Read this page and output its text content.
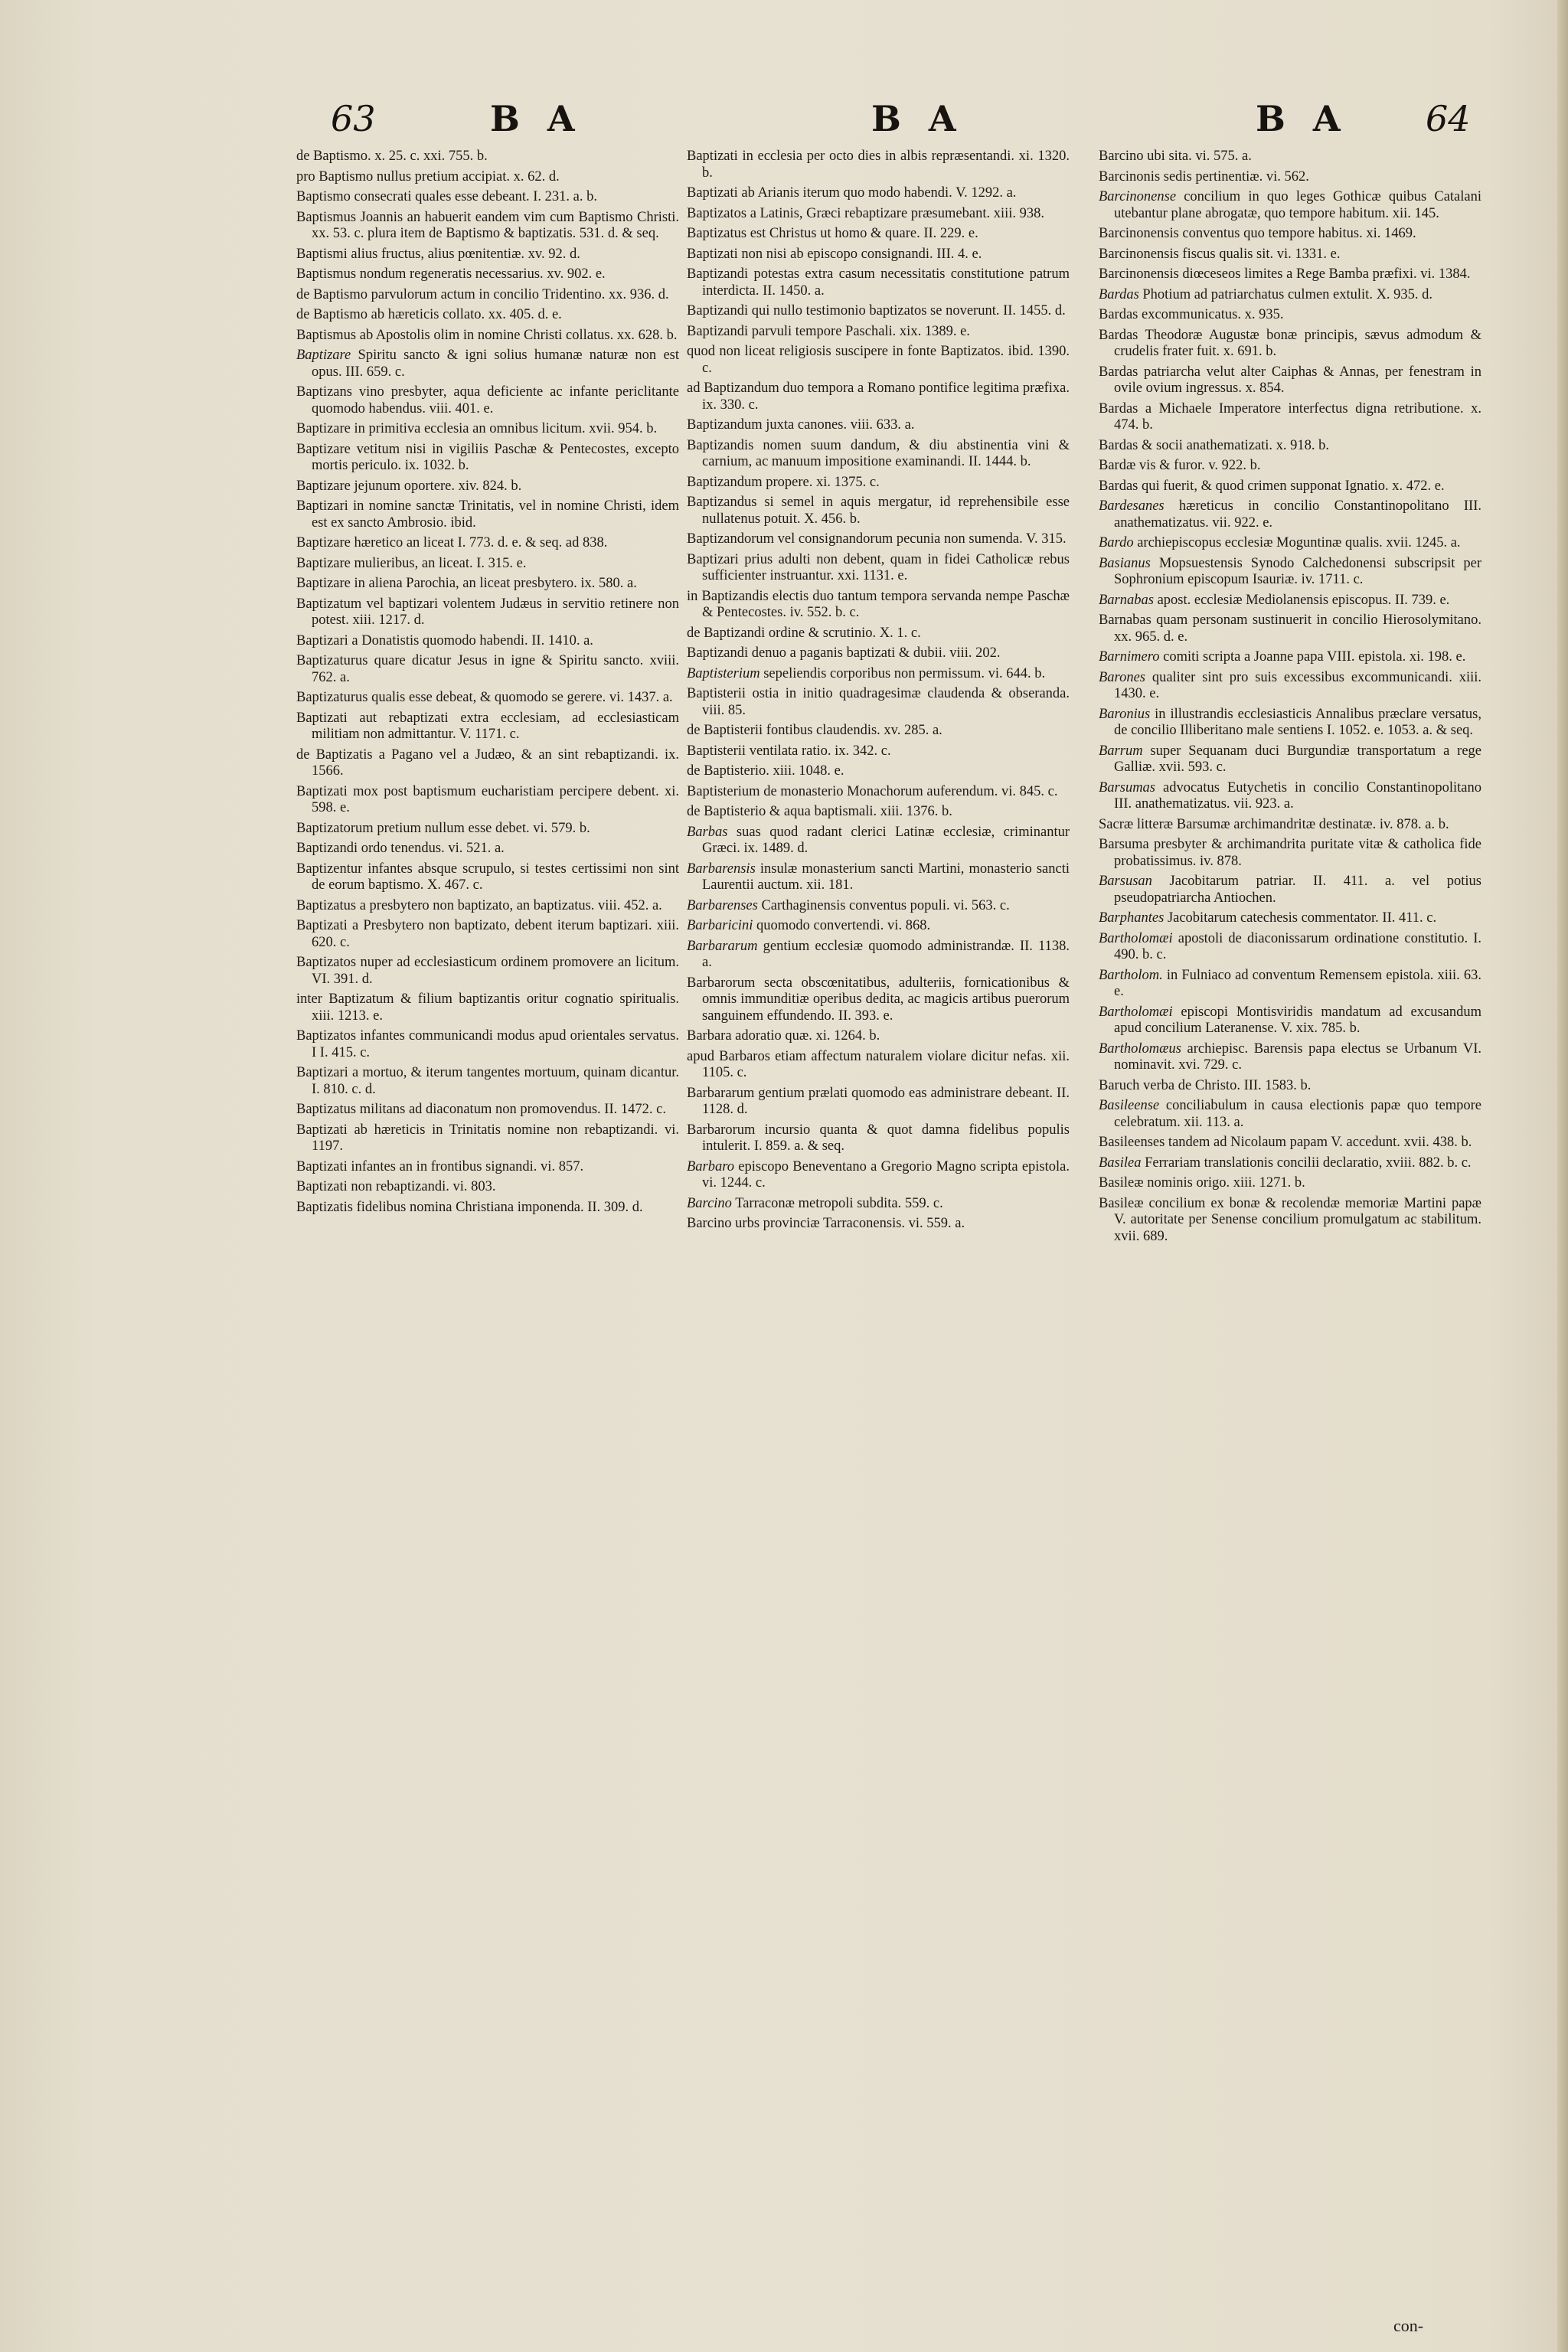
63	B A	B A	B A 64
de Baptismo. x. 25. c. xxi. 755. b.
pro Baptismo nullus pretium accipiat. x. 62. d.
Baptismo consecrati quales esse debeant. I. 231. a. b.
Baptismus Joannis an habuerit eandem vim cum Baptismo Christi. xx. 53. c. plura item de Baptismo & baptizatis. 531. d. & seq.
Baptismi alius fructus, alius pœnitentiæ. xv. 92. d.
Baptismus nondum regeneratis necessarius. xv. 902. e.
de Baptismo parvulorum actum in concilio Tridentino. xx. 936. d.
de Baptismo ab hæreticis collato. xx. 405. d. e.
Baptismus ab Apostolis olim in nomine Christi collatus. xx. 628. b.
Baptizare Spiritu sancto & igni solius humanæ naturæ non est opus. III. 659. c.
Baptizans vino presbyter, aqua deficiente ac infante periclitante quomodo habendus. viii. 401. e.
Baptizare in primitiva ecclesia an omnibus licitum. xvii. 954. b.
Baptizare vetitum nisi in vigiliis Paschæ & Pentecostes, excepto mortis periculo. ix. 1032. b.
Baptizare jejunum oportere. xiv. 824. b.
Baptizari in nomine sanctæ Trinitatis, vel in nomine Christi, idem est ex sancto Ambrosio. ibid.
Baptizare hæretico an liceat I. 773. d. e. & seq. ad 838.
Baptizare mulieribus, an liceat. I. 315. e.
Baptizare in aliena Parochia, an liceat presbytero. ix. 580. a.
Baptizatum vel baptizari volentem Judæus in servitio retinere non potest. xiii. 1217. d.
Baptizari a Donatistis quomodo habendi. II. 1410. a.
Baptizaturus quare dicatur Jesus in igne & Spiritu sancto. xviii. 762. a.
Baptizaturus qualis esse debeat, & quomodo se gerere. vi. 1437. a.
Baptizati aut rebaptizati extra ecclesiam, ad ecclesiasticam militiam non admittantur. V. 1171. c.
de Baptizatis a Pagano vel a Judæo, & an sint rebaptizandi. ix. 1566.
Baptizati mox post baptismum eucharistiam percipere debent. xi. 598. e.
Baptizatorum pretium nullum esse debet. vi. 579. b.
Baptizandi ordo tenendus. vi. 521. a.
Baptizentur infantes absque scrupulo, si testes certissimi non sint de eorum baptismo. X. 467. c.
Baptizatus a presbytero non baptizato, an baptizatus. viii. 452. a.
Baptizati a Presbytero non baptizato, debent iterum baptizari. xiii. 620. c.
Baptizatos nuper ad ecclesiasticum ordinem promovere an licitum. VI. 391. d.
inter Baptizatum & filium baptizantis oritur cognatio spiritualis. xiii. 1213. e.
Baptizatos infantes communicandi modus apud orientales servatus. I I. 415. c.
Baptizari a mortuo, & iterum tangentes mortuum, quinam dicantur. I. 810. c. d.
Baptizatus militans ad diaconatum non promovendus. II. 1472. c.
Baptizati ab hæreticis in Trinitatis nomine non rebaptizandi. vi. 1197.
Baptizati infantes an in frontibus signandi. vi. 857.
Baptizati non rebaptizandi. vi. 803.
Baptizatis fidelibus nomina Christiana imponenda. II. 309. d.
Baptizati in ecclesia per octo dies in albis repræsentandi. xi. 1320. b.
Baptizati ab Arianis iterum quo modo habendi. V. 1292. a.
Baptizatos a Latinis, Græci rebaptizare præsumebant. xiii. 938.
Baptizatus est Christus ut homo & quare. II. 229. e.
Baptizati non nisi ab episcopo consignandi. III. 4. e.
Baptizandi potestas extra casum necessitatis constitutione patrum interdicta. II. 1450. a.
Baptizandi qui nullo testimonio baptizatos se noverunt. II. 1455. d.
Baptizandi parvuli tempore Paschali. xix. 1389. e.
quod non liceat religiosis suscipere in fonte Baptizatos. ibid. 1390. c.
ad Baptizandum duo tempora a Romano pontifice legitima præfixa. ix. 330. c.
Baptizandum juxta canones. viii. 633. a.
Baptizandis nomen suum dandum, & diu abstinentia vini & carnium, ac manuum impositione examinandi. II. 1444. b.
Baptizandum propere. xi. 1375. c.
Baptizandus si semel in aquis mergatur, id reprehensibile esse nullatenus potuit. X. 456. b.
Baptizandorum vel consignandorum pecunia non sumenda. V. 315.
Baptizari prius adulti non debent, quam in fidei Catholicæ rebus sufficienter instruantur. xxi. 1131. e.
in Baptizandis electis duo tantum tempora servanda nempe Paschæ & Pentecostes. iv. 552. b. c.
de Baptizandi ordine & scrutinio. X. 1. c.
Baptizandi denuo a paganis baptizati & dubii. viii. 202.
Baptisterium sepeliendis corporibus non permissum. vi. 644. b.
Baptisterii ostia in initio quadragesimæ claudenda & obseranda. viii. 85.
de Baptisterii fontibus claudendis. xv. 285. a.
Baptisterii ventilata ratio. ix. 342. c.
de Baptisterio. xiii. 1048. e.
Baptisterium de monasterio Monachorum auferendum. vi. 845. c.
de Baptisterio & aqua baptismali. xiii. 1376. b.
Barbas suas quod radant clerici Latinæ ecclesiæ, criminantur Græci. ix. 1489. d.
Barbarensis insulæ monasterium sancti Martini, monasterio sancti Laurentii auctum. xii. 181.
Barbarenses Carthaginensis conventus populi. vi. 563. c.
Barbaricini quomodo convertendi. vi. 868.
Barbararum gentium ecclesiæ quomodo administrandæ. II. 1138. a.
Barbarorum secta obscœnitatibus, adulteriis, fornicationibus & omnis immunditiæ operibus dedita, ac magicis artibus puerorum sanguinem effundendo. II. 393. e.
Barbara adoratio quæ. xi. 1264. b.
apud Barbaros etiam affectum naturalem violare dicitur nefas. xii. 1105. c.
Barbararum gentium prælati quomodo eas administrare debeant. II. 1128. d.
Barbarorum incursio quanta & quot damna fidelibus populis intulerit. I. 859. a. & seq.
Barbaro episcopo Beneventano a Gregorio Magno scripta epistola. vi. 1244. c.
Barcino Tarraconæ metropoli subdita. 559. c.
Barcino urbs provinciæ Tarraconensis. vi. 559. a.
Barcino ubi sita. vi. 575. a.
Barcinonis sedis pertinentiæ. vi. 562.
Barcinonense concilium in quo leges Gothicæ quibus Catalani utebantur plane abrogatæ, quo tempore habitum. xii. 145.
Barcinonensis conventus quo tempore habitus. xi. 1469.
Barcinonensis fiscus qualis sit. vi. 1331. e.
Barcinonensis diœceseos limites a Rege Bamba præfixi. vi. 1384.
Bardas Photium ad patriarchatus culmen extulit. X. 935. d.
Bardas excommunicatus. x. 935.
Bardas Theodoræ Augustæ bonæ principis, sævus admodum & crudelis frater fuit. x. 691. b.
Bardas patriarcha velut alter Caiphas & Annas, per fenestram in ovile ovium ingressus. x. 854.
Bardas a Michaele Imperatore interfectus digna retributione. x. 474. b.
Bardas & socii anathematizati. x. 918. b.
Bardæ vis & furor. v. 922. b.
Bardas qui fuerit, & quod crimen supponat Ignatio. x. 472. e.
Bardesanes hæreticus in concilio Constantinopolitano III. anathematizatus. vii. 922. e.
Bardo archiepiscopus ecclesiæ Moguntinæ qualis. xvii. 1245. a.
Basianus Mopsuestensis Synodo Calchedonensi subscripsit per Sophronium episcopum Isauriæ. iv. 1711. c.
Barnabas apost. ecclesiæ Mediolanensis episcopus. II. 739. e.
Barnabas quam personam sustinuerit in concilio Hierosolymitano. xx. 965. d. e.
Barnimero comiti scripta a Joanne papa VIII. epistola. xi. 198. e.
Barones qualiter sint pro suis excessibus excommunicandi. xiii. 1430. e.
Baronius in illustrandis ecclesiasticis Annalibus præclare versatus, de concilio Illiberitano male sentiens I. 1052. e. 1053. a. & seq.
Barrum super Sequanam duci Burgundiæ transportatum a rege Galliæ. xvii. 593. c.
Barsumas advocatus Eutychetis in concilio Constantinopolitano III. anathematizatus. vii. 923. a.
Sacræ litteræ Barsumæ archimandritæ destinatæ. iv. 878. a. b.
Barsuma presbyter & archimandrita puritate vitæ & catholica fide probatissimus. iv. 878.
Barsusan Jacobitarum patriar. II. 411. a. vel potius pseudopatriarcha Antiochen.
Barphantes Jacobitarum catechesis commentator. II. 411. c.
Bartholomæi apostoli de diaconissarum ordinatione constitutio. I. 490. b. c.
Bartholom. in Fulniaco ad conventum Remensem epistola. xiii. 63. e.
Bartholomæi episcopi Montisviridis mandatum ad excusandum apud concilium Lateranense. V. xix. 785. b.
Bartholomæus archiepisc. Barensis papa electus se Urbanum VI. nominavit. xvi. 729. c.
Baruch verba de Christo. III. 1583. b.
Basileense conciliabulum in causa electionis papæ quo tempore celebratum. xii. 113. a.
Basileenses tandem ad Nicolaum papam V. accedunt. xvii. 438. b.
Basilea Ferrariam translationis concilii declaratio, xviii. 882. b. c.
Basileæ nominis origo. xiii. 1271. b.
Basileæ concilium ex bonæ & recolendæ memoriæ Martini papæ V. autoritate per Senense concilium promulgatum ac stabilitum. xvii. 689.
con-
